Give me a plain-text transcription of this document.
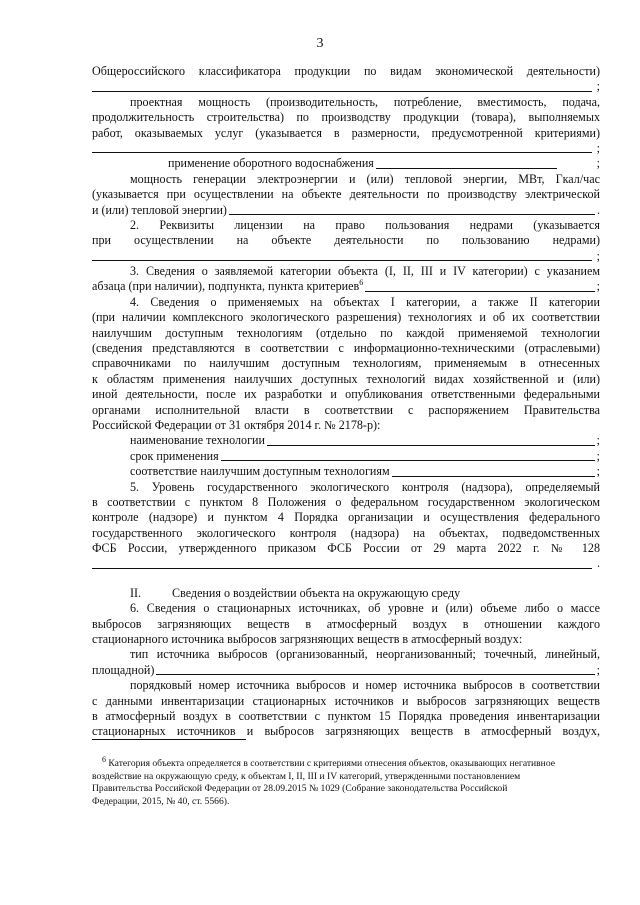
3
Общероссийского классификатора продукции по видам экономической деятельности)
;
проектная мощность (производительность, потребление, вместимость, подача,
продолжительность строительства) по производству продукции (товара), выполняемых
работ, оказываемых услуг (указывается в размерности, предусмотренной критериями)
;
применение оборотного водоснабжения	;
мощность генерации электроэнергии и (или) тепловой энергии, МВт, Гкал/час
(указывается при осуществлении на объекте деятельности по производству электрической
и (или) тепловой энергии)	.
2. Реквизиты лицензии на право пользования недрами (указывается
при осуществлении на объекте деятельности по пользованию недрами)
;
3. Сведения о заявляемой категории объекта (I, II, III и IV категории) с указанием
абзаца (при наличии), подпункта, пункта критериев$^6$	;
4. Сведения о применяемых на объектах I категории, а также II категории
(при наличии комплексного экологического разрешения) технологиях и об их соответствии
наилучшим доступным технологиям (отдельно по каждой применяемой технологии
(сведения представляются в соответствии с информационно-техническими (отраслевыми)
справочниками по наилучшим доступным технологиям, применяемым в отнесенных
к областям применения наилучших доступных технологий видах хозяйственной и (или)
иной деятельности, после их разработки и опубликования ответственными федеральными
органами исполнительной власти в соответствии с распоряжением Правительства
Российской Федерации от 31 октября 2014 г. № 2178-р):
наименование технологии	;
срок применения	;
соответствие наилучшим доступным технологиям	;
5. Уровень государственного экологического контроля (надзора), определяемый
в соответствии с пунктом 8 Положения о федеральном государственном экологическом
контроле (надзоре) и пунктом 4 Порядка организации и осуществления федерального
государственного экологического контроля (надзора) на объектах, подведомственных
ФСБ России, утвержденного приказом ФСБ России от 29 марта 2022 г. № 128
.
II.	Сведения о воздействии объекта на окружающую среду
6. Сведения о стационарных источниках, об уровне и (или) объеме либо о массе
выбросов загрязняющих веществ в атмосферный воздух в отношении каждого
стационарного источника выбросов загрязняющих веществ в атмосферный воздух:
тип источника выбросов (организованный, неорганизованный; точечный, линейный,
площадной)	;
порядковый номер источника выбросов и номер источника выбросов в соответствии
с данными инвентаризации стационарных источников и выбросов загрязняющих веществ
в атмосферный воздух в соответствии с пунктом 15 Порядка проведения инвентаризации
стационарных источников и выбросов загрязняющих веществ в атмосферный воздух,
$^6$ Категория объекта определяется в соответствии с критериями отнесения объектов, оказывающих негативное
воздействие на окружающую среду, к объектам I, II, III и IV категорий, утвержденными постановлением
Правительства Российской Федерации от 28.09.2015 № 1029 (Собрание законодательства Российской
Федерации, 2015, № 40, ст. 5566).
